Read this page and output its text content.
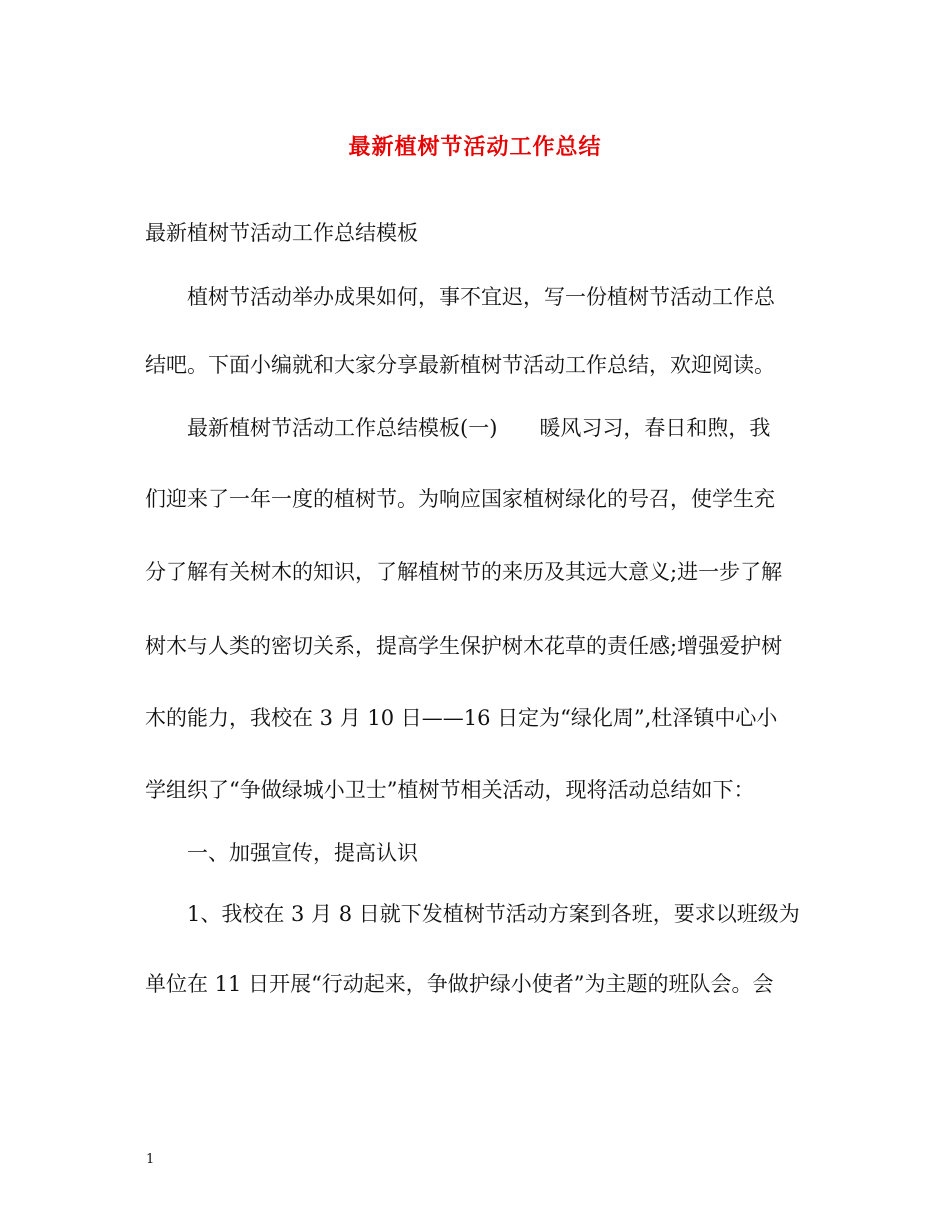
最新植树节活动工作总结
最新植树节活动工作总结模板
　　植树节活动举办成果如何，事不宜迟，写一份植树节活动工作总
结吧。下面小编就和大家分享最新植树节活动工作总结，欢迎阅读。
　　最新植树节活动工作总结模板(一)　　暖风习习，春日和煦，我
们迎来了一年一度的植树节。为响应国家植树绿化的号召，使学生充
分了解有关树木的知识，了解植树节的来历及其远大意义;进一步了解
树木与人类的密切关系，提高学生保护树木花草的责任感;增强爱护树
木的能力，我校在 3 月 10 日——16 日定为“绿化周”,杜泽镇中心小
学组织了“争做绿城小卫士”植树节相关活动，现将活动总结如下：
　　一、加强宣传，提高认识
　　1、我校在 3 月 8 日就下发植树节活动方案到各班，要求以班级为
单位在 11 日开展“行动起来，争做护绿小使者”为主题的班队会。会
1
